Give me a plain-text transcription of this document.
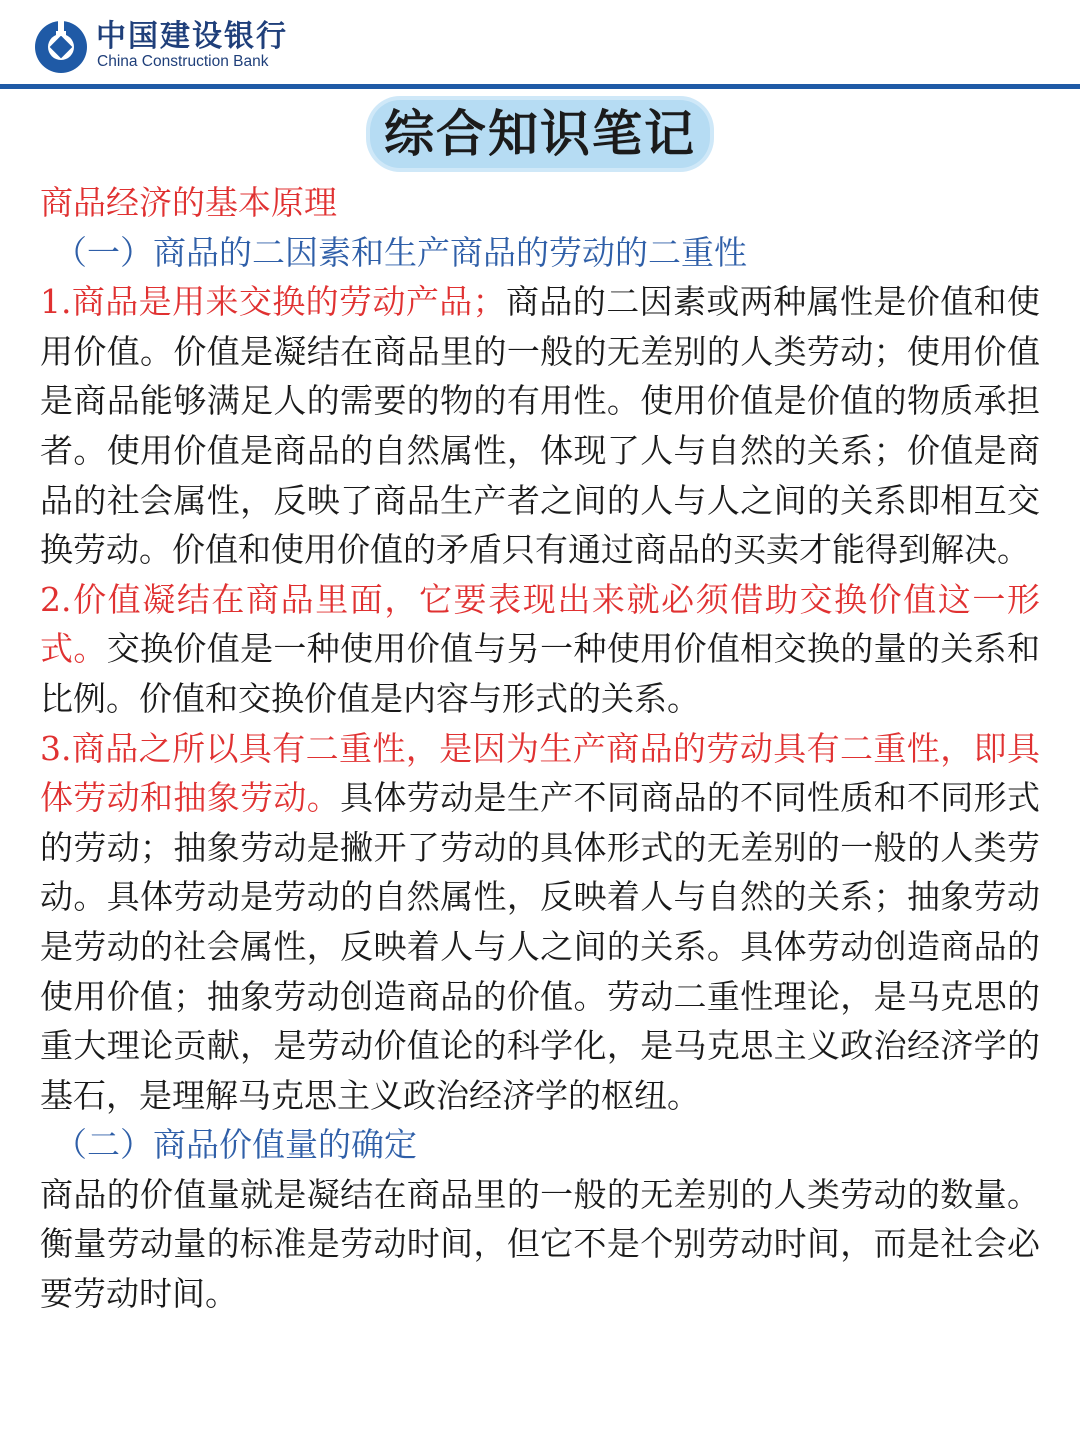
中国建设银行
China Construction Bank
综合知识笔记

商品经济的基本原理

（一）商品的二因素和生产商品的劳动的二重性

1.商品是用来交换的劳动产品；商品的二因素或两种属性是价值和使用价值。价值是凝结在商品里的一般的无差别的人类劳动；使用价值是商品能够满足人的需要的物的有用性。使用价值是价值的物质承担者。使用价值是商品的自然属性，体现了人与自然的关系；价值是商品的社会属性，反映了商品生产者之间的人与人之间的关系即相互交换劳动。价值和使用价值的矛盾只有通过商品的买卖才能得到解决。

2.价值凝结在商品里面，它要表现出来就必须借助交换价值这一形式。交换价值是一种使用价值与另一种使用价值相交换的量的关系和比例。价值和交换价值是内容与形式的关系。

3.商品之所以具有二重性，是因为生产商品的劳动具有二重性，即具体劳动和抽象劳动。具体劳动是生产不同商品的不同性质和不同形式的劳动；抽象劳动是撇开了劳动的具体形式的无差别的一般的人类劳动。具体劳动是劳动的自然属性，反映着人与自然的关系；抽象劳动是劳动的社会属性，反映着人与人之间的关系。具体劳动创造商品的使用价值；抽象劳动创造商品的价值。劳动二重性理论，是马克思的重大理论贡献，是劳动价值论的科学化，是马克思主义政治经济学的基石，是理解马克思主义政治经济学的枢纽。

（二）商品价值量的确定

商品的价值量就是凝结在商品里的一般的无差别的人类劳动的数量。衡量劳动量的标准是劳动时间，但它不是个别劳动时间，而是社会必要劳动时间。
